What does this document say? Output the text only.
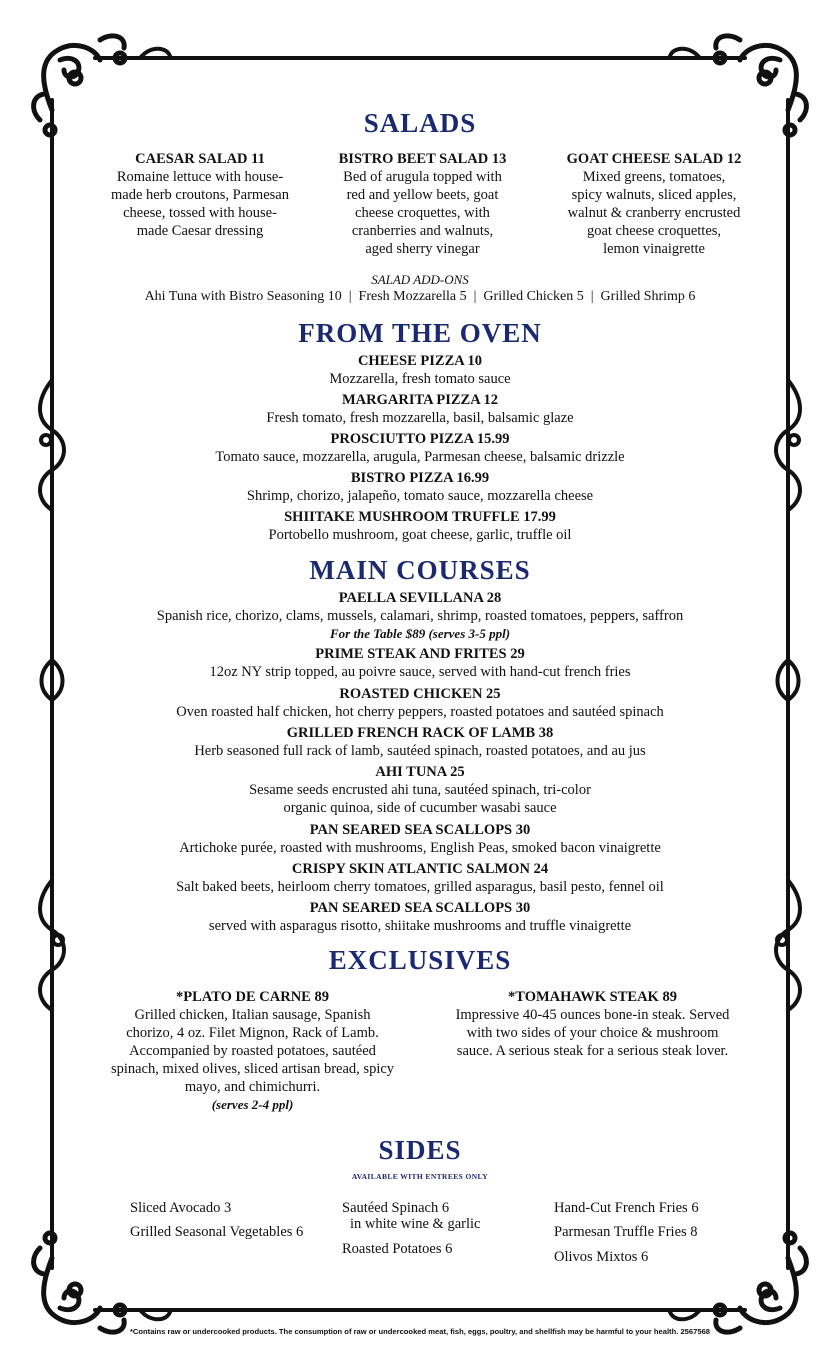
SALADS
CAESAR SALAD 11
Romaine lettuce with house-
made herb croutons, Parmesan
cheese, tossed with house-
made Caesar dressing
BISTRO BEET SALAD 13
Bed of arugula topped with
red and yellow beets, goat
cheese croquettes, with
cranberries and walnuts,
aged sherry vinegar
GOAT CHEESE SALAD 12
Mixed greens, tomatoes,
spicy walnuts, sliced apples,
walnut & cranberry encrusted
goat cheese croquettes,
lemon vinaigrette
SALAD ADD-ONS
Ahi Tuna with Bistro Seasoning 10  |  Fresh Mozzarella 5  |  Grilled Chicken 5  |  Grilled Shrimp 6
FROM THE OVEN
CHEESE PIZZA 10
Mozzarella, fresh tomato sauce
MARGARITA PIZZA 12
Fresh tomato, fresh mozzarella, basil, balsamic glaze
PROSCIUTTO PIZZA 15.99
Tomato sauce, mozzarella, arugula, Parmesan cheese, balsamic drizzle
BISTRO PIZZA 16.99
Shrimp, chorizo, jalapeño, tomato sauce, mozzarella cheese
SHIITAKE MUSHROOM TRUFFLE 17.99
Portobello mushroom, goat cheese, garlic, truffle oil
MAIN COURSES
PAELLA SEVILLANA 28
Spanish rice, chorizo, clams, mussels, calamari, shrimp, roasted tomatoes, peppers, saffron
For the Table $89 (serves 3-5 ppl)
PRIME STEAK AND FRITES 29
12oz NY strip topped, au poivre sauce, served with hand-cut french fries
ROASTED CHICKEN 25
Oven roasted half chicken, hot cherry peppers, roasted potatoes and sautéed spinach
GRILLED FRENCH RACK OF LAMB 38
Herb seasoned full rack of lamb, sautéed spinach, roasted potatoes, and au jus
AHI TUNA 25
Sesame seeds encrusted ahi tuna, sautéed spinach, tri-color
organic quinoa, side of cucumber wasabi sauce
PAN SEARED SEA SCALLOPS 30
Artichoke purée, roasted with mushrooms, English Peas, smoked bacon vinaigrette
CRISPY SKIN ATLANTIC SALMON 24
Salt baked beets, heirloom cherry tomatoes, grilled asparagus, basil pesto, fennel oil
PAN SEARED SEA SCALLOPS 30
served with asparagus risotto, shiitake mushrooms and truffle vinaigrette
EXCLUSIVES
*PLATO DE CARNE 89
Grilled chicken, Italian sausage, Spanish
chorizo, 4 oz. Filet Mignon, Rack of Lamb.
Accompanied by roasted potatoes, sautéed
spinach, mixed olives, sliced artisan bread, spicy
mayo, and chimichurri.
(serves 2-4 ppl)
*TOMAHAWK STEAK 89
Impressive 40-45 ounces bone-in steak. Served
with two sides of your choice & mushroom
sauce. A serious steak for a serious steak lover.
SIDES
AVAILABLE WITH ENTREES ONLY
Sliced Avocado 3
Grilled Seasonal Vegetables 6
Sautéed Spinach 6
in white wine & garlic
Roasted Potatoes 6
Hand-Cut French Fries 6
Parmesan Truffle Fries 8
Olivos Mixtos 6
*Contains raw or undercooked products. The consumption of raw or undercooked meat, fish, eggs, poultry, and shellfish may be harmful to your health. 2567568
